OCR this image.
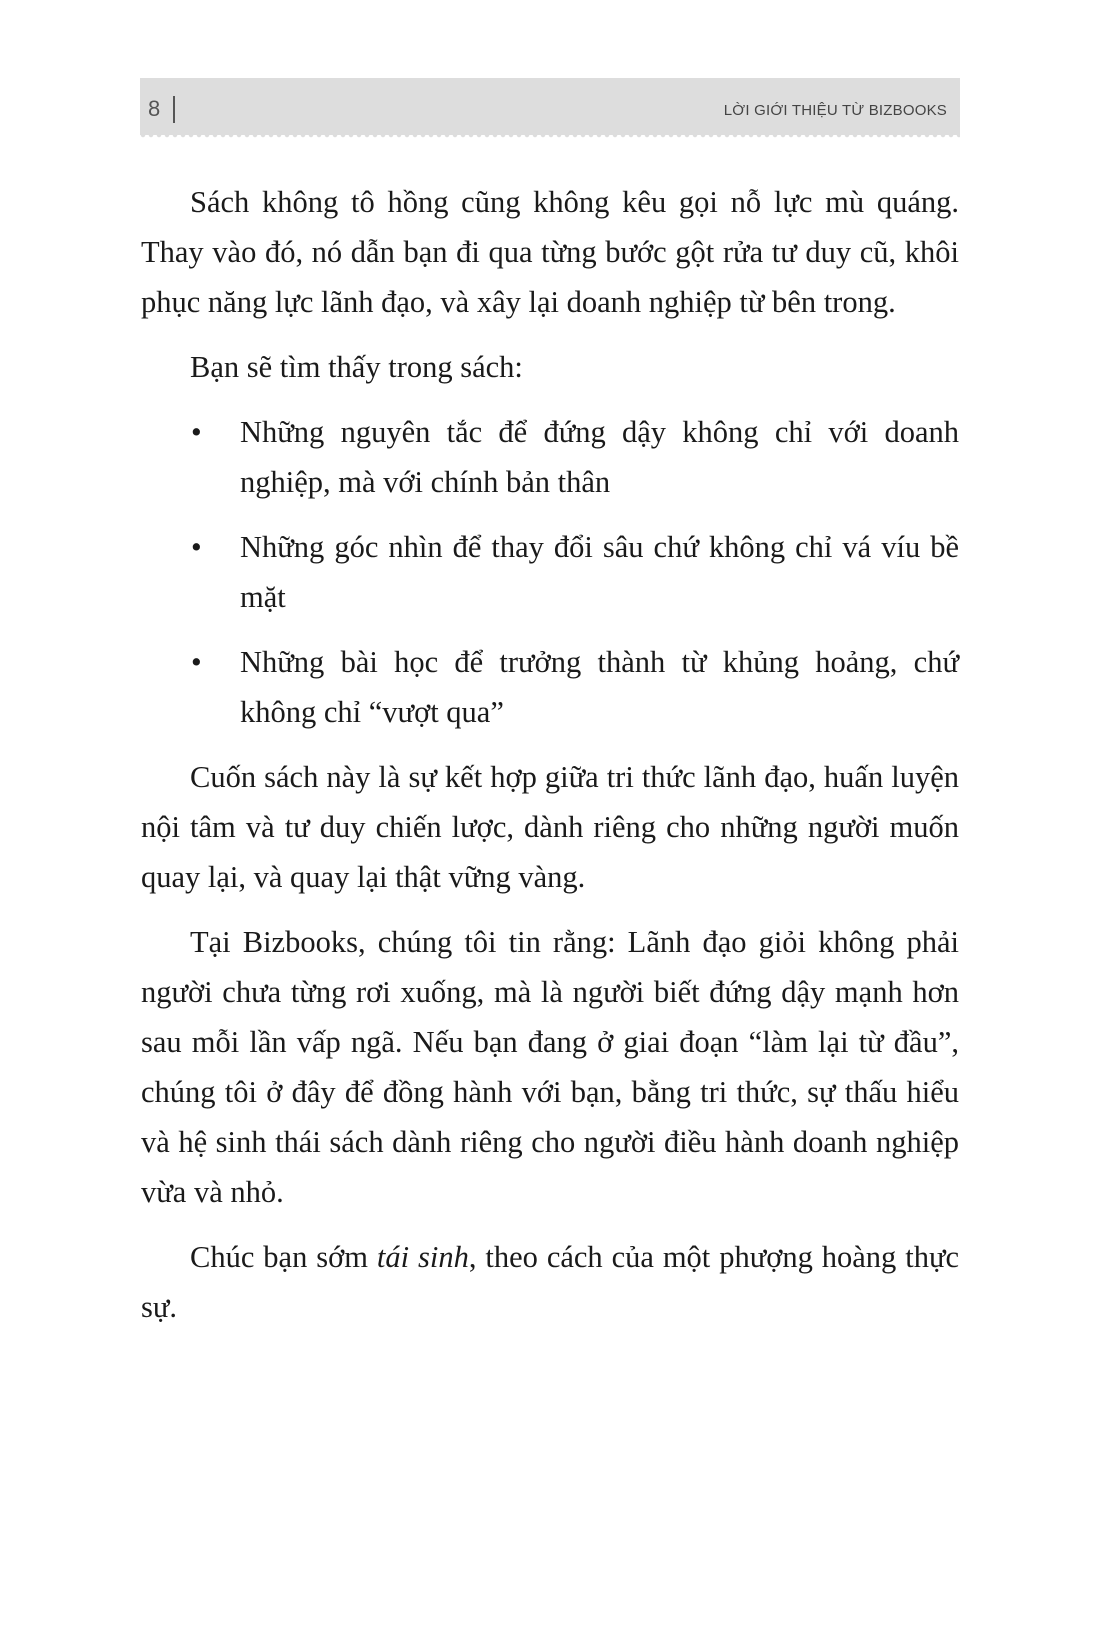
8	LỜI GIỚI THIỆU TỪ BIZBOOKS

Sách không tô hồng cũng không kêu gọi nỗ lực mù quáng. Thay vào đó, nó dẫn bạn đi qua từng bước gột rửa tư duy cũ, khôi phục năng lực lãnh đạo, và xây lại doanh nghiệp từ bên trong.

Bạn sẽ tìm thấy trong sách:

• Những nguyên tắc để đứng dậy không chỉ với doanh nghiệp, mà với chính bản thân
• Những góc nhìn để thay đổi sâu chứ không chỉ vá víu bề mặt
• Những bài học để trưởng thành từ khủng hoảng, chứ không chỉ “vượt qua”

Cuốn sách này là sự kết hợp giữa tri thức lãnh đạo, huấn luyện nội tâm và tư duy chiến lược, dành riêng cho những người muốn quay lại, và quay lại thật vững vàng.

Tại Bizbooks, chúng tôi tin rằng: Lãnh đạo giỏi không phải người chưa từng rơi xuống, mà là người biết đứng dậy mạnh hơn sau mỗi lần vấp ngã. Nếu bạn đang ở giai đoạn “làm lại từ đầu”, chúng tôi ở đây để đồng hành với bạn, bằng tri thức, sự thấu hiểu và hệ sinh thái sách dành riêng cho người điều hành doanh nghiệp vừa và nhỏ.

Chúc bạn sớm tái sinh, theo cách của một phượng hoàng thực sự.
